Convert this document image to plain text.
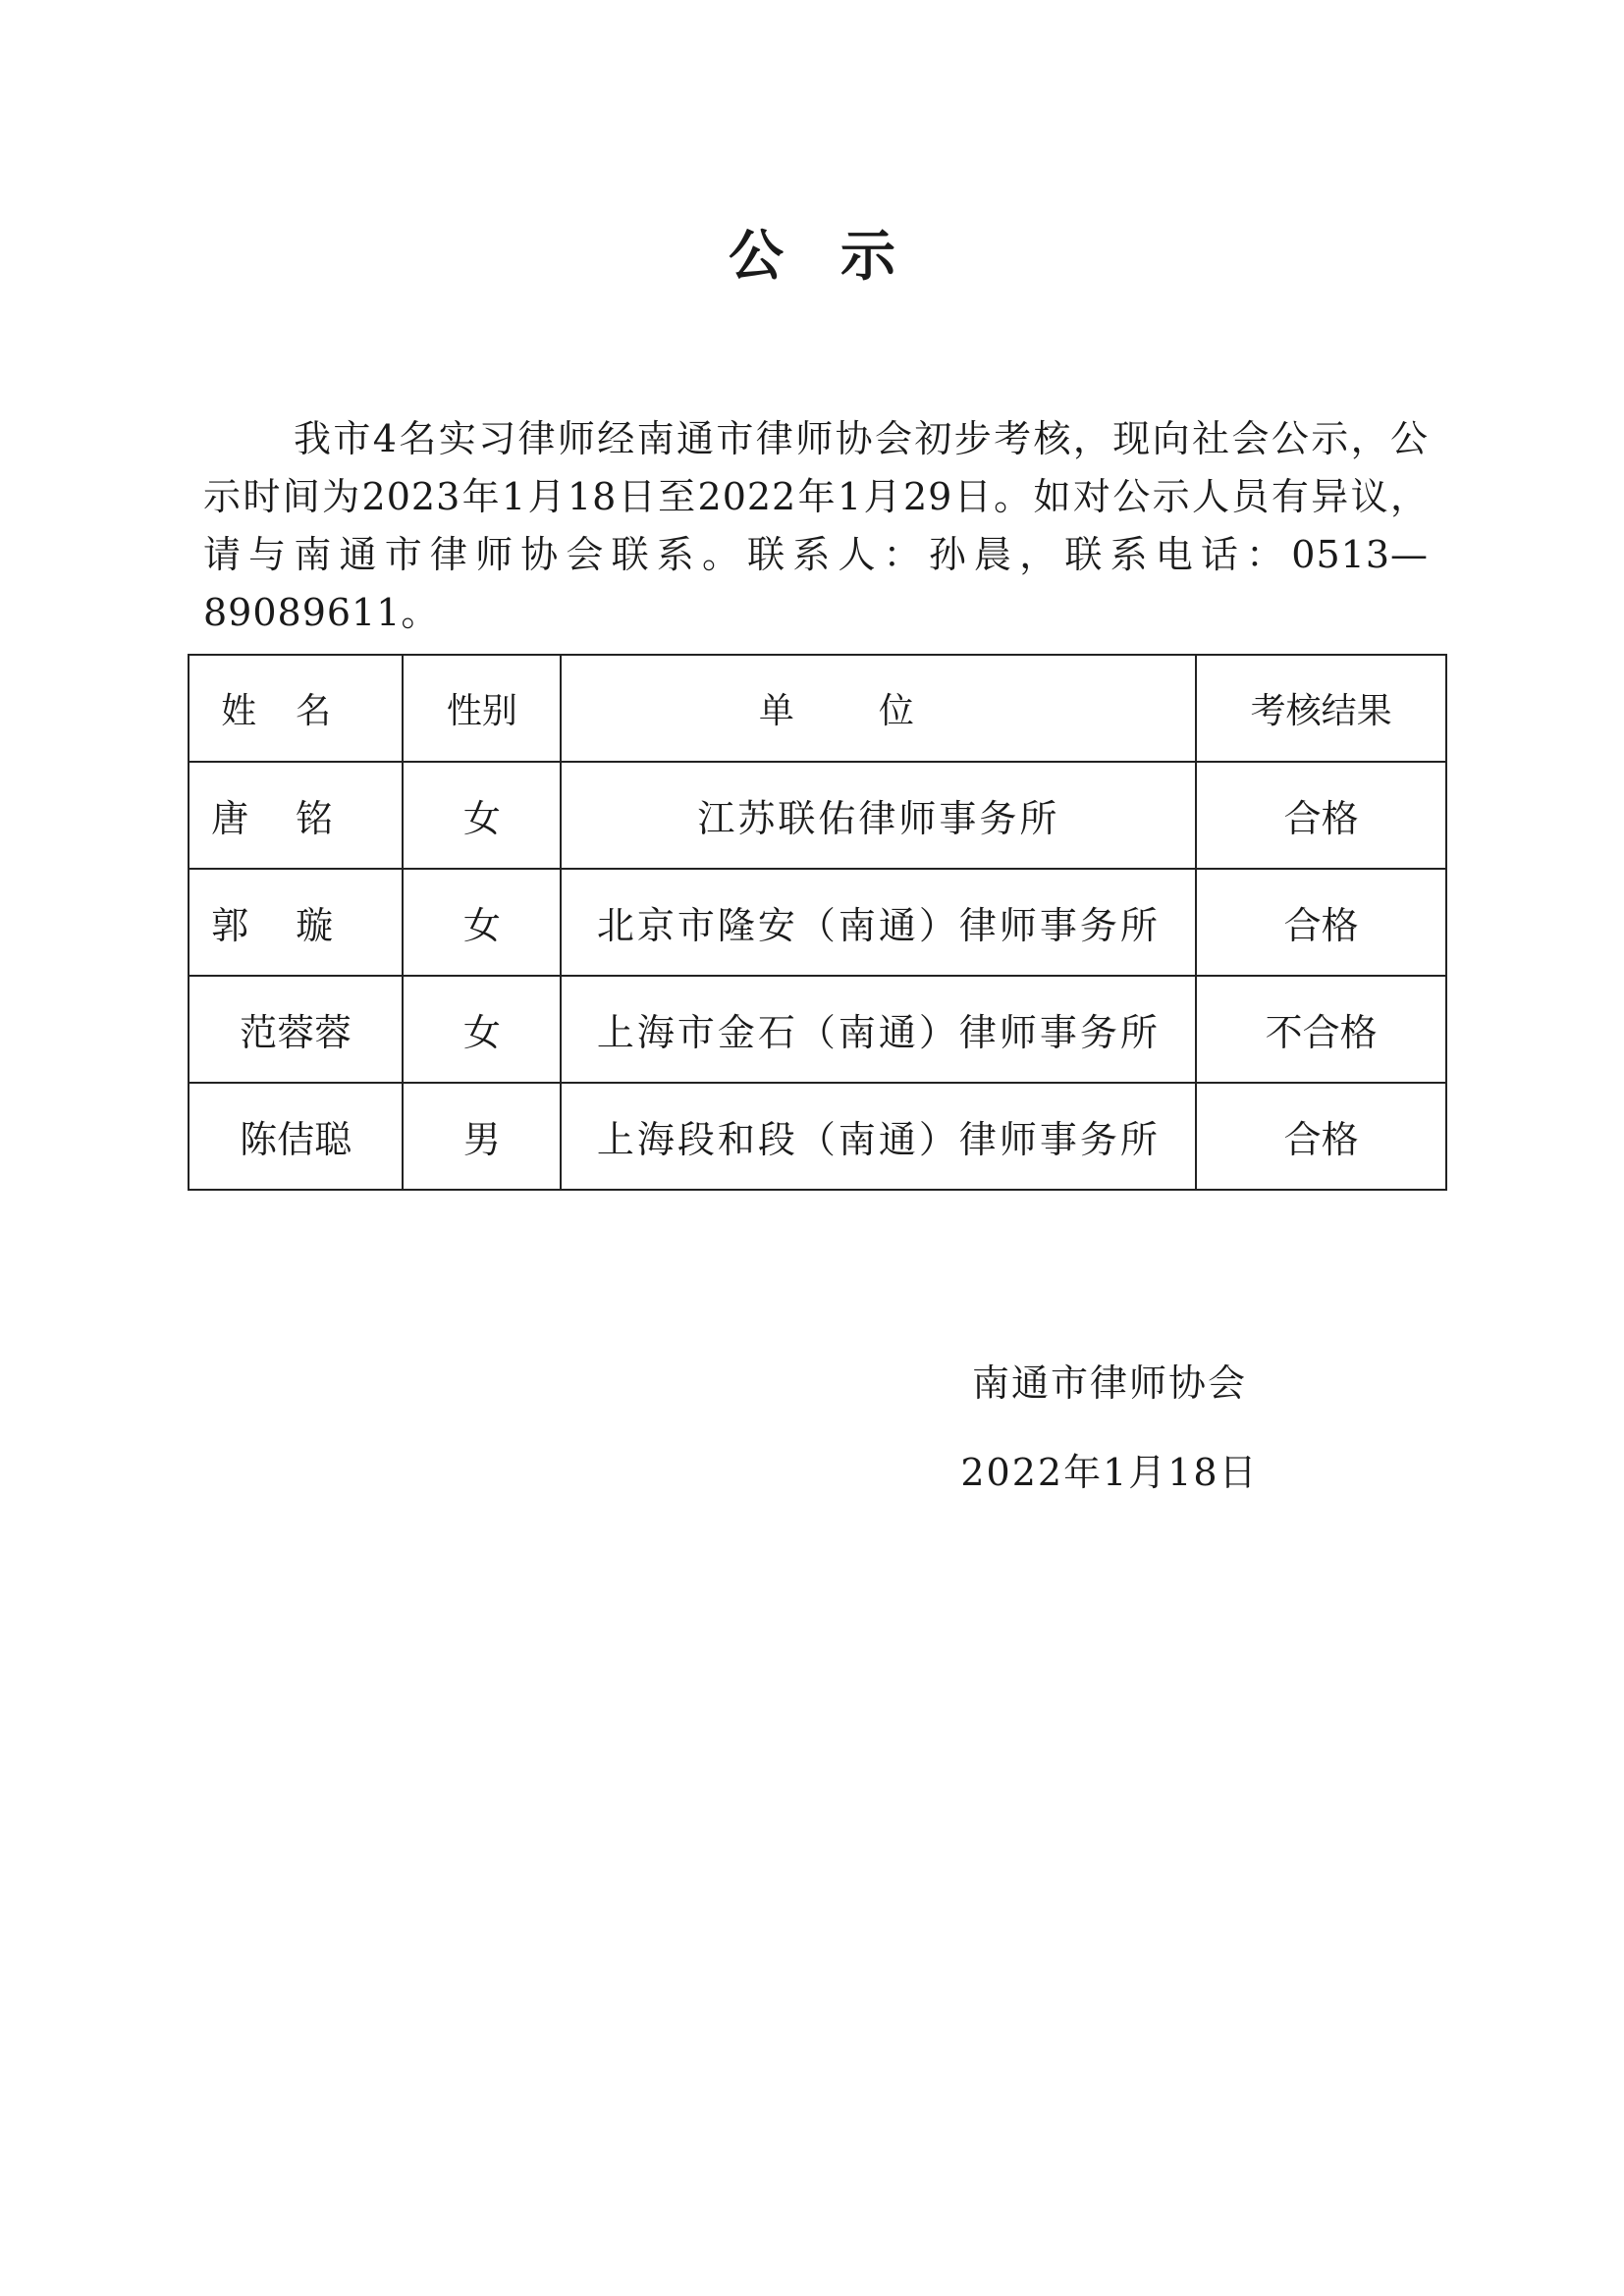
公示

我市4名实习律师经南通市律师协会初步考核，现向社会公示，公示时间为2023年1月18日至2022年1月29日。如对公示人员有异议，请与南通市律师协会联系。联系人：孙晨，联系电话：0513—89089611。

姓名	性别	单位	考核结果
唐铭	女	江苏联佑律师事务所	合格
郭璇	女	北京市隆安（南通）律师事务所	合格
范蓉蓉	女	上海市金石（南通）律师事务所	不合格
陈佶聪	男	上海段和段（南通）律师事务所	合格
南通市律师协会
2022年1月18日
